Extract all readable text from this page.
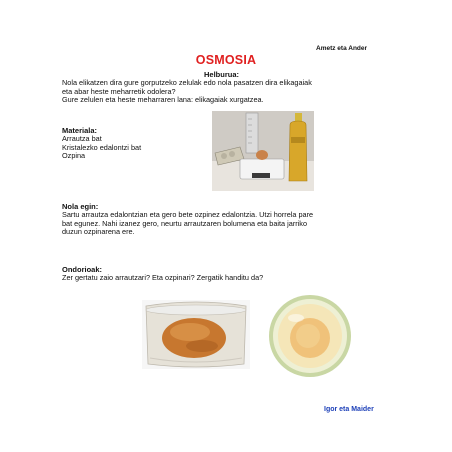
Ametz eta Ander
OSMOSIA
Helburua:
Nola elikatzen dira gure gorputzeko zelulak edo nola pasatzen dira elikagaiak
eta abar heste meharretik odolera?
Gure zelulen eta heste meharraren lana: elikagaiak xurgatzea.
Materiala:
Arrautza bat
Kristalezko edalontzi bat
Ozpina
Nola egin:
Sartu arrautza edalontzian eta gero bete ozpinez edalontzia. Utzi horrela pare
bat egunez. Nahi izanez gero, neurtu arrautzaren bolumena eta baita jarriko
duzun ozpinarena ere.
Ondorioak:
Zer gertatu zaio arrautzari? Eta ozpinari? Zergatik handitu da?
Igor eta Maider
